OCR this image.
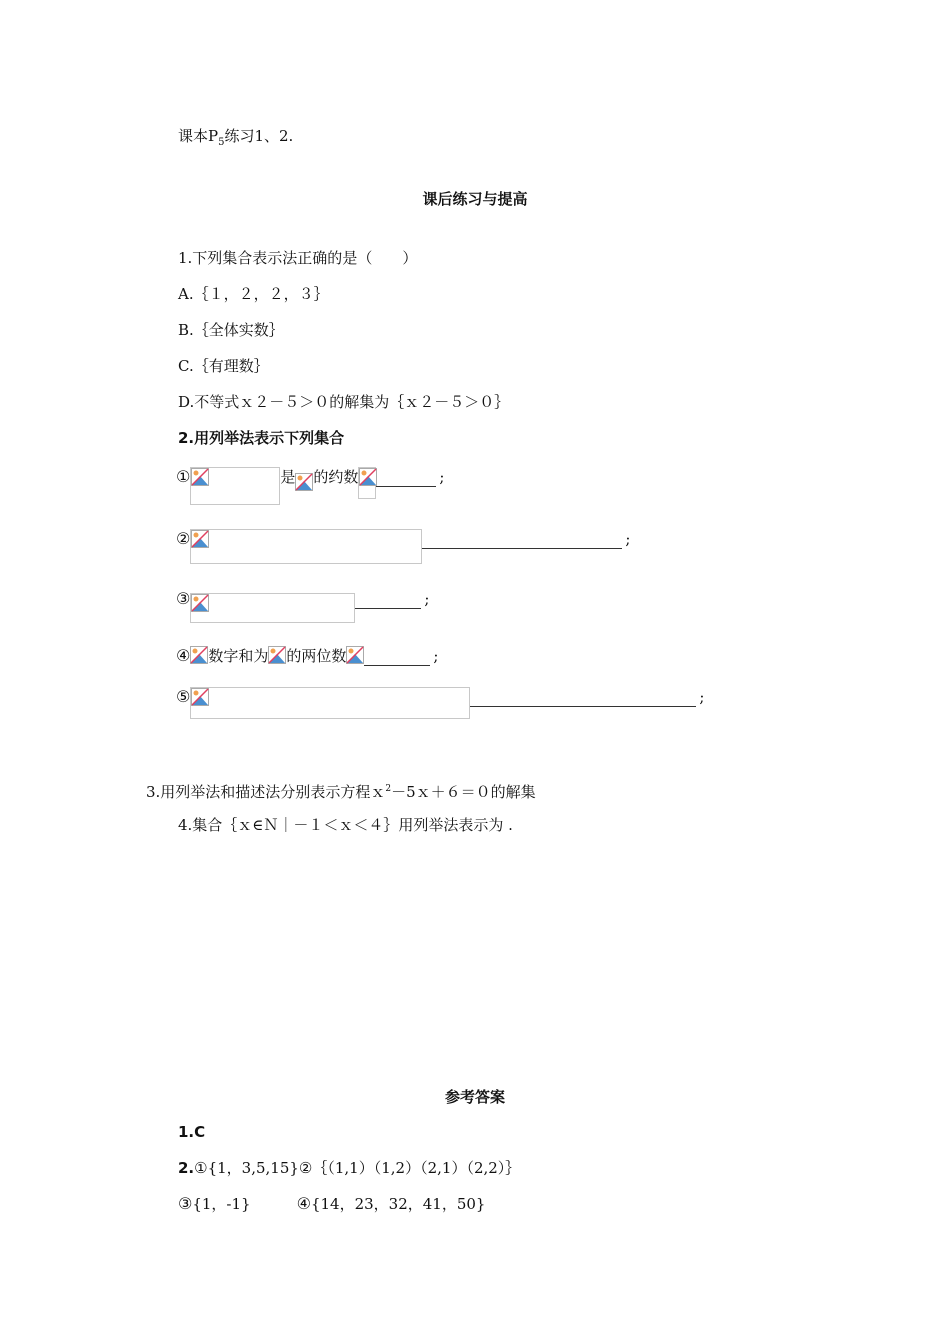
课本$P_5$练习1、2.
课后练习与提高
1.下列集合表示法正确的是（　　）
A.｛１，２，２，３｝
B.｛全体实数｝
C.｛有理数｝
D.不等式ｘ２－５＞０的解集为｛ｘ２－５＞０｝
2.用列举法表示下列集合
①	是 的约数	;
②	;
③	;
④ 数字和为 的两位数	;
⑤	;
3.用列举法和描述法分别表示方程ｘ$^2$－5ｘ＋６＝０的解集
4.集合｛ｘ∈Ｎ｜－１＜ｘ＜４｝用列举法表示为 .
参考答案
1.C
2.①{1，3,5,15}②｛（1,1）（1,2）（2,1）（2,2）｝
③{1，-1}	④{14，23，32，41，50}
